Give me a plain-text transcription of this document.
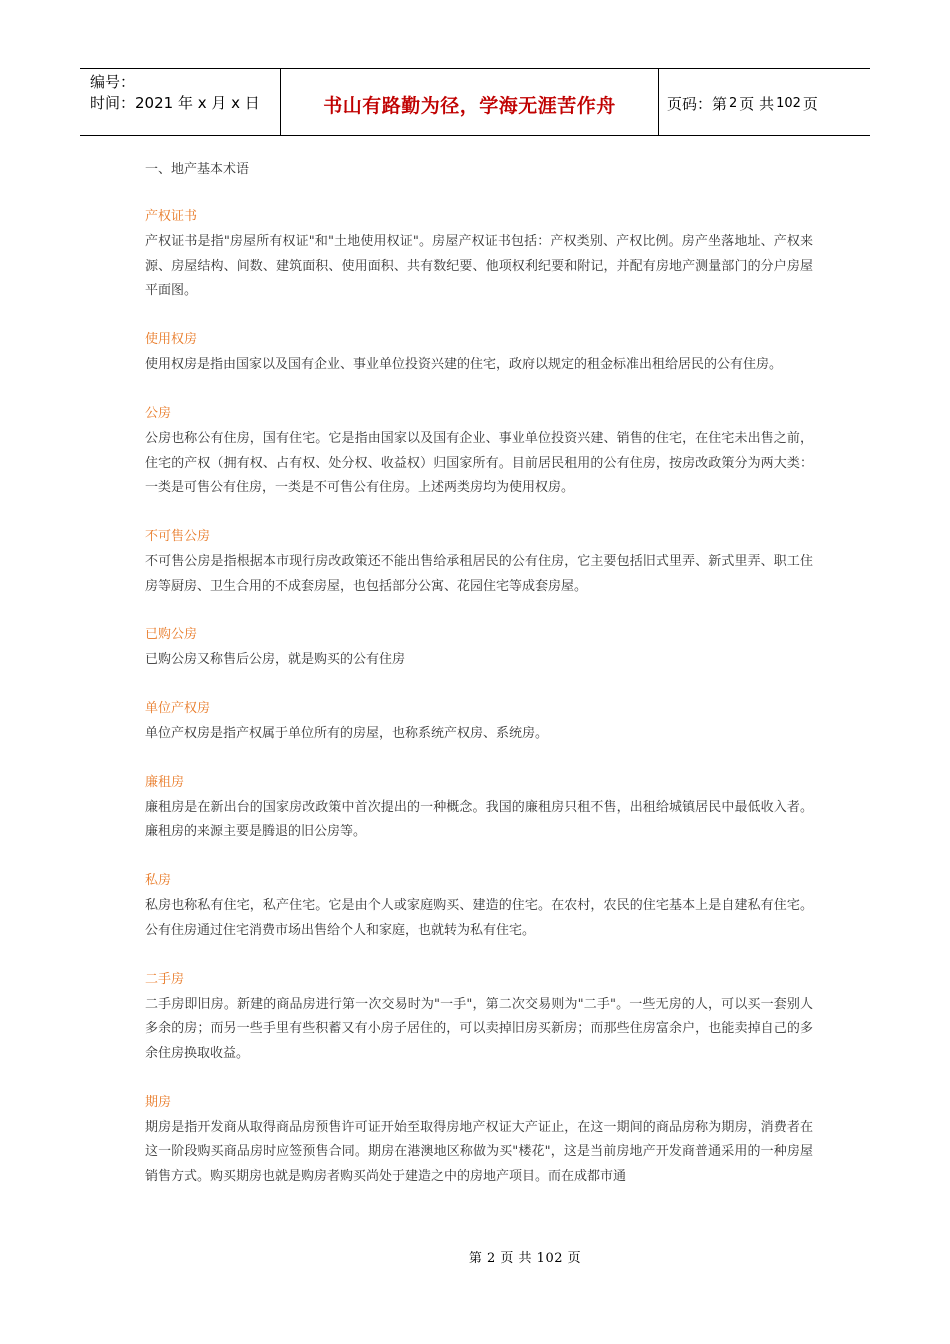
编号：
时间：2021 年 x 月 x 日	书山有路勤为径，学海无涯苦作舟	页码：第 2 页 共 102 页
一、地产基本术语
产权证书

产权证书是指"房屋所有权证"和"土地使用权证"。房屋产权证书包括：产权类别、产权比例。房产坐落地址、产权来源、房屋结构、间数、建筑面积、使用面积、共有数纪要、他项权利纪要和附记，并配有房地产测量部门的分户房屋平面图。

使用权房

使用权房是指由国家以及国有企业、事业单位投资兴建的住宅，政府以规定的租金标准出租给居民的公有住房。

公房

公房也称公有住房，国有住宅。它是指由国家以及国有企业、事业单位投资兴建、销售的住宅，在住宅未出售之前，住宅的产权（拥有权、占有权、处分权、收益权）归国家所有。目前居民租用的公有住房，按房改政策分为两大类：一类是可售公有住房，一类是不可售公有住房。上述两类房均为使用权房。

不可售公房

不可售公房是指根据本市现行房改政策还不能出售给承租居民的公有住房，它主要包括旧式里弄、新式里弄、职工住房等厨房、卫生合用的不成套房屋，也包括部分公寓、花园住宅等成套房屋。

已购公房

已购公房又称售后公房，就是购买的公有住房

单位产权房

单位产权房是指产权属于单位所有的房屋，也称系统产权房、系统房。

廉租房

廉租房是在新出台的国家房改政策中首次提出的一种概念。我国的廉租房只租不售，出租给城镇居民中最低收入者。廉租房的来源主要是腾退的旧公房等。

私房

私房也称私有住宅，私产住宅。它是由个人或家庭购买、建造的住宅。在农村，农民的住宅基本上是自建私有住宅。公有住房通过住宅消费市场出售给个人和家庭，也就转为私有住宅。

二手房

二手房即旧房。新建的商品房进行第一次交易时为"一手"，第二次交易则为"二手"。一些无房的人，可以买一套别人多余的房；而另一些手里有些积蓄又有小房子居住的，可以卖掉旧房买新房；而那些住房富余户，也能卖掉自己的多余住房换取收益。

期房

期房是指开发商从取得商品房预售许可证开始至取得房地产权证大产证止，在这一期间的商品房称为期房，消费者在这一阶段购买商品房时应签预售合同。期房在港澳地区称做为买"楼花"，这是当前房地产开发商普通采用的一种房屋销售方式。购买期房也就是购房者购买尚处于建造之中的房地产项目。而在成都市通

第 2 页 共 102 页
